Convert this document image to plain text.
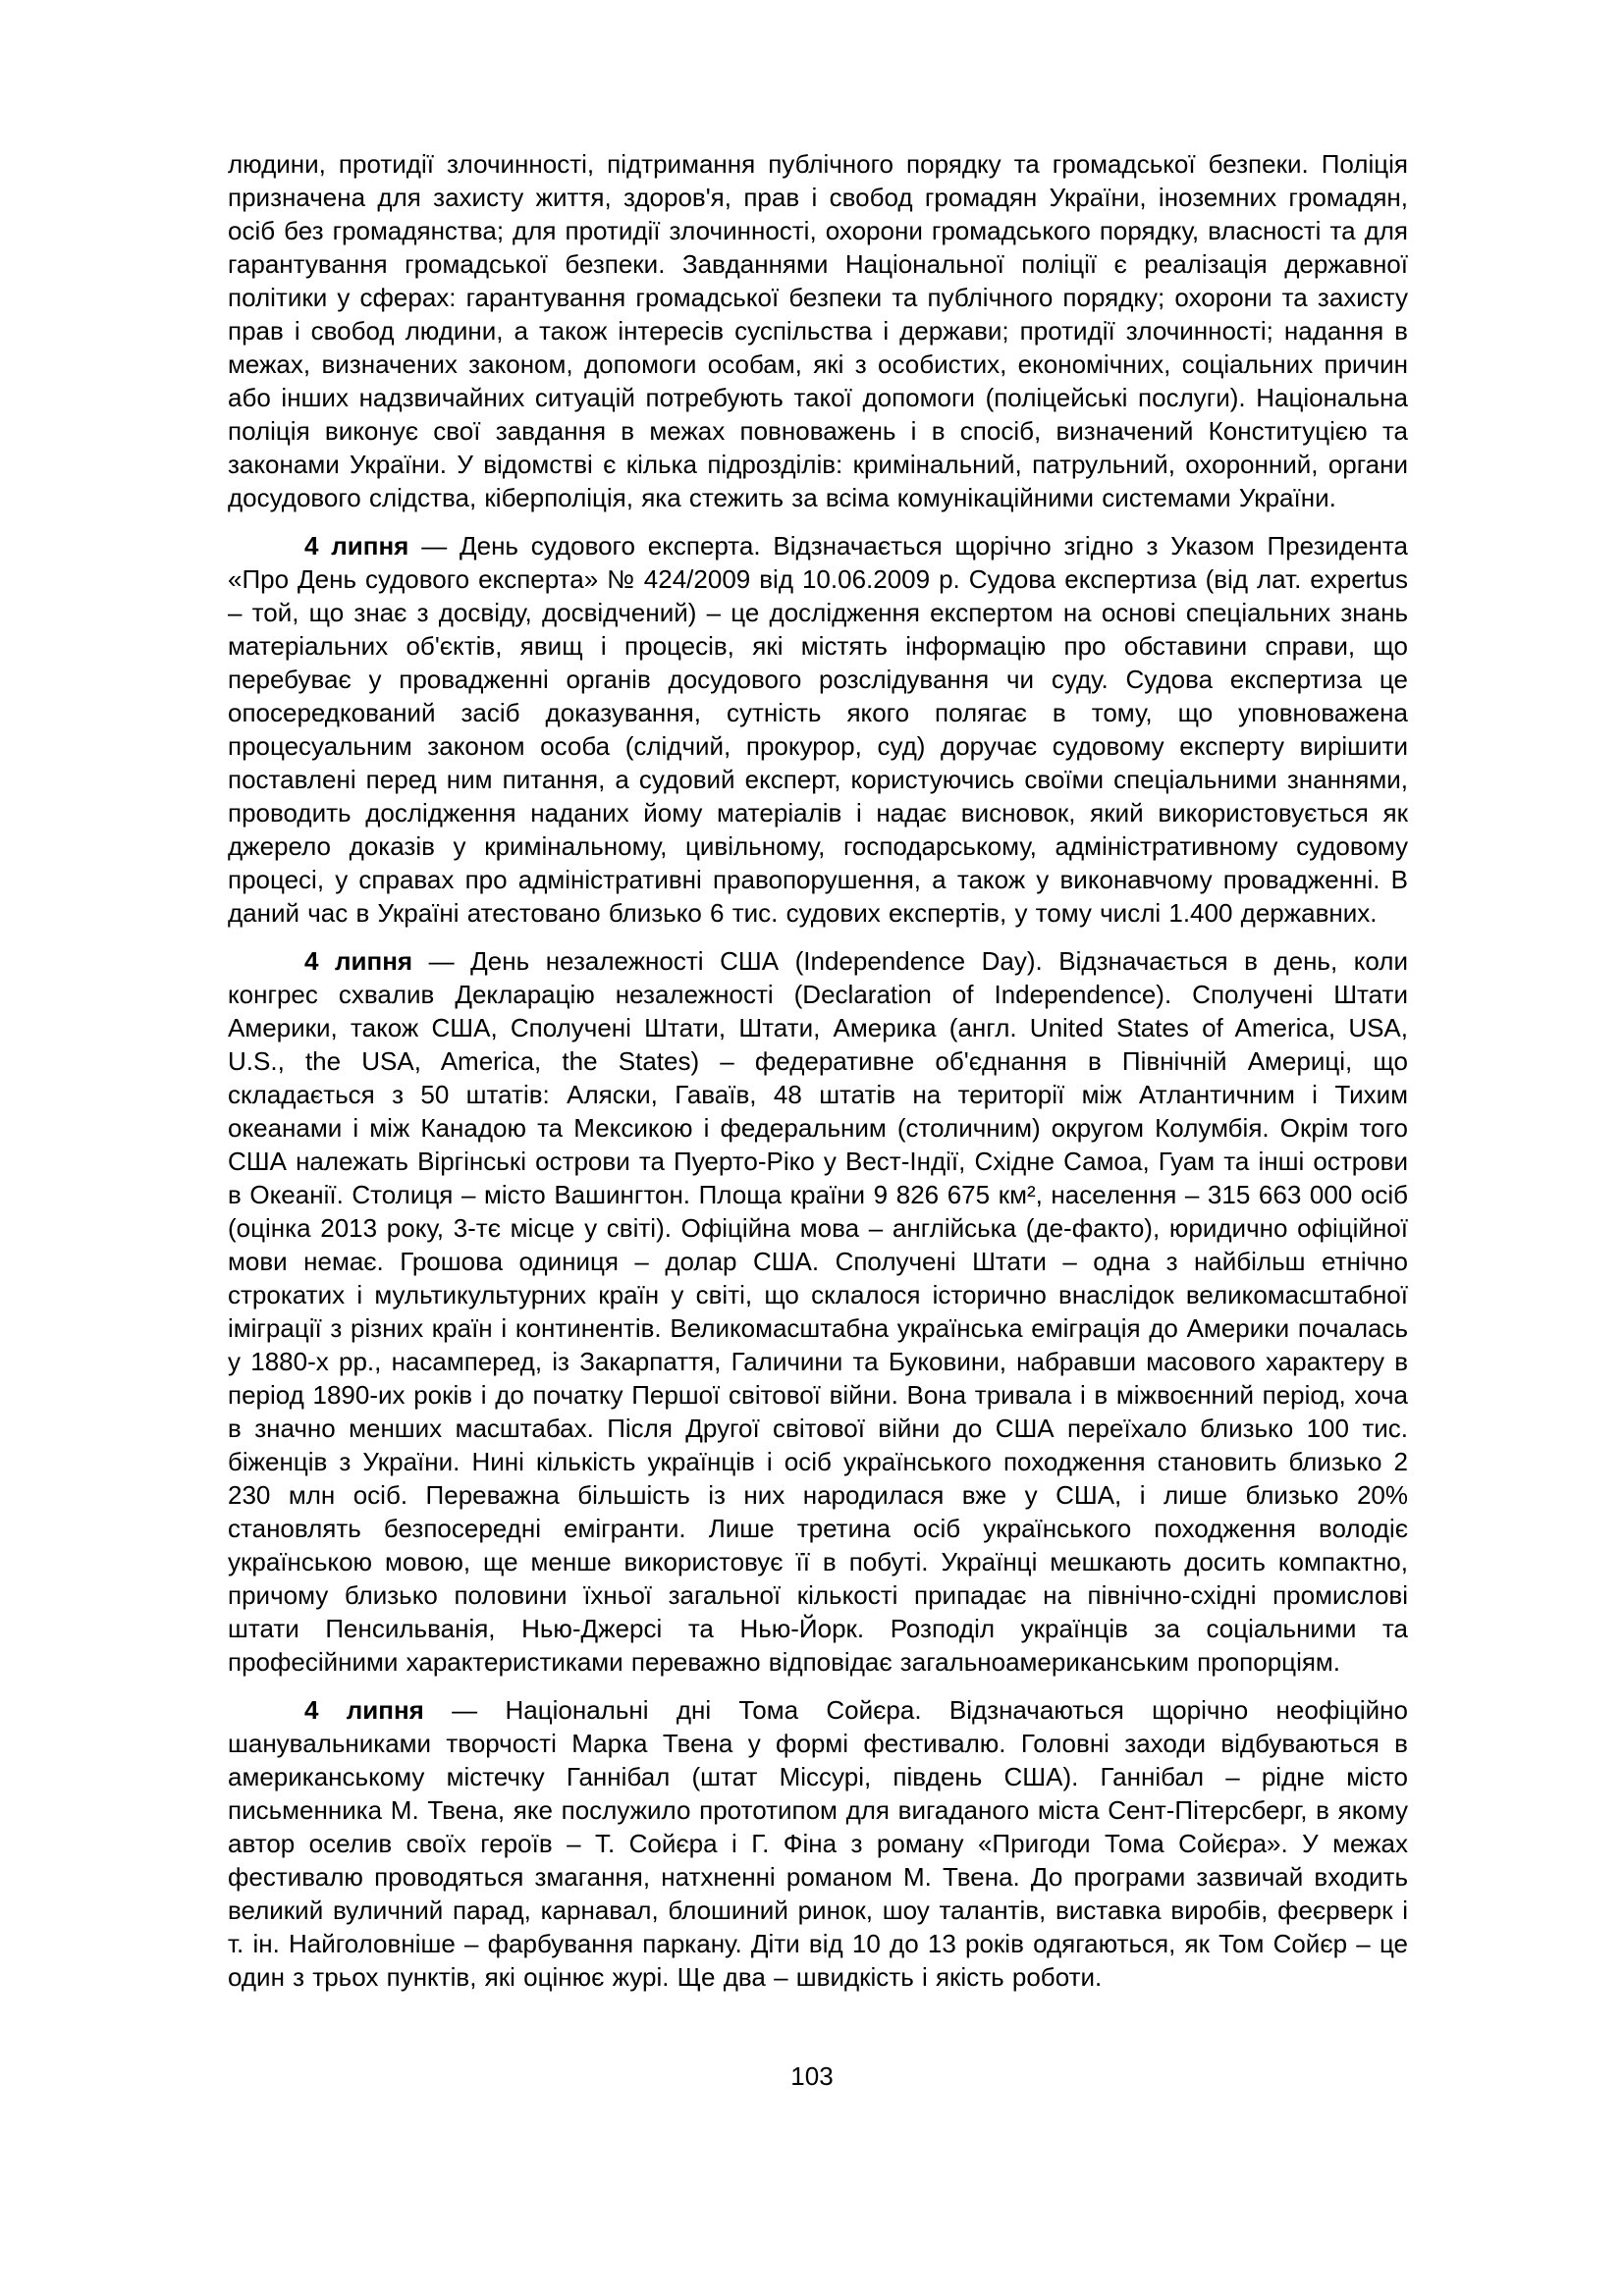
людини, протидії злочинності, підтримання публічного порядку та громадської безпеки. Поліція призначена для захисту життя, здоров'я, прав і свобод громадян України, іноземних громадян, осіб без громадянства; для протидії злочинності, охорони громадського порядку, власності та для гарантування громадської безпеки. Завданнями Національної поліції є реалізація державної політики у сферах: гарантування громадської безпеки та публічного порядку; охорони та захисту прав і свобод людини, а також інтересів суспільства і держави; протидії злочинності; надання в межах, визначених законом, допомоги особам, які з особистих, економічних, соціальних причин або інших надзвичайних ситуацій потребують такої допомоги (поліцейські послуги). Національна поліція виконує свої завдання в межах повноважень і в спосіб, визначений Конституцією та законами України. У відомстві є кілька підрозділів: кримінальний, патрульний, охоронний, органи досудового слідства, кіберполіція, яка стежить за всіма комунікаційними системами України.

4 липня — День судового експерта. Відзначається щорічно згідно з Указом Президента «Про День судового експерта» № 424/2009 від 10.06.2009 р. Судова експертиза (від лат. expertus – той, що знає з досвіду, досвідчений) – це дослідження експертом на основі спеціальних знань матеріальних об'єктів, явищ і процесів, які містять інформацію про обставини справи, що перебуває у провадженні органів досудового розслідування чи суду. Судова експертиза це опосередкований засіб доказування, сутність якого полягає в тому, що уповноважена процесуальним законом особа (слідчий, прокурор, суд) доручає судовому експерту вирішити поставлені перед ним питання, а судовий експерт, користуючись своїми спеціальними знаннями, проводить дослідження наданих йому матеріалів і надає висновок, який використовується як джерело доказів у кримінальному, цивільному, господарському, адміністративному судовому процесі, у справах про адміністративні правопорушення, а також у виконавчому провадженні. В даний час в Україні атестовано близько 6 тис. судових експертів, у тому числі 1.400 державних.

4 липня — День незалежності США (Independence Day). Відзначається в день, коли конгрес схвалив Декларацію незалежності (Declaration of Independence). Сполучені Штати Америки, також США, Сполучені Штати, Штати, Америка (англ. United States of America, USA, U.S., the USA, America, the States) – федеративне об'єднання в Північній Америці, що складається з 50 штатів: Аляски, Гаваїв, 48 штатів на території між Атлантичним і Тихим океанами і між Канадою та Мексикою і федеральним (столичним) округом Колумбія. Окрім того США належать Віргінські острови та Пуерто-Ріко у Вест-Індії, Східне Самоа, Гуам та інші острови в Океанії. Столиця – місто Вашингтон. Площа країни 9 826 675 км², населення – 315 663 000 осіб (оцінка 2013 року, 3-тє місце у світі). Офіційна мова – англійська (де-факто), юридично офіційної мови немає. Грошова одиниця – долар США. Сполучені Штати – одна з найбільш етнічно строкатих і мультикультурних країн у світі, що склалося історично внаслідок великомасштабної іміграції з різних країн і континентів. Великомасштабна українська еміграція до Америки почалась у 1880-х рр., насамперед, із Закарпаття, Галичини та Буковини, набравши масового характеру в період 1890-их років і до початку Першої світової війни. Вона тривала і в міжвоєнний період, хоча в значно менших масштабах. Після Другої світової війни до США переїхало близько 100 тис. біженців з України. Нині кількість українців і осіб українського походження становить близько 2 230 млн осіб. Переважна більшість із них народилася вже у США, і лише близько 20% становлять безпосередні емігранти. Лише третина осіб українського походження володіє українською мовою, ще менше використовує її в побуті. Українці мешкають досить компактно, причому близько половини їхньої загальної кількості припадає на північно-східні промислові штати Пенсильванія, Нью-Джерсі та Нью-Йорк. Розподіл українців за соціальними та професійними характеристиками переважно відповідає загальноамериканським пропорціям.

4 липня — Національні дні Тома Сойєра. Відзначаються щорічно неофіційно шанувальниками творчості Марка Твена у формі фестивалю. Головні заходи відбуваються в американському містечку Ганнібал (штат Міссурі, південь США). Ганнібал – рідне місто письменника М. Твена, яке послужило прототипом для вигаданого міста Сент-Пітерсберг, в якому автор оселив своїх героїв – Т. Сойєра і Г. Фіна з роману «Пригоди Тома Сойєра». У межах фестивалю проводяться змагання, натхненні романом М. Твена. До програми зазвичай входить великий вуличний парад, карнавал, блошиний ринок, шоу талантів, виставка виробів, феєрверк і т. ін. Найголовніше – фарбування паркану. Діти від 10 до 13 років одягаються, як Том Сойєр – це один з трьох пунктів, які оцінює журі. Ще два – швидкість і якість роботи.

103
